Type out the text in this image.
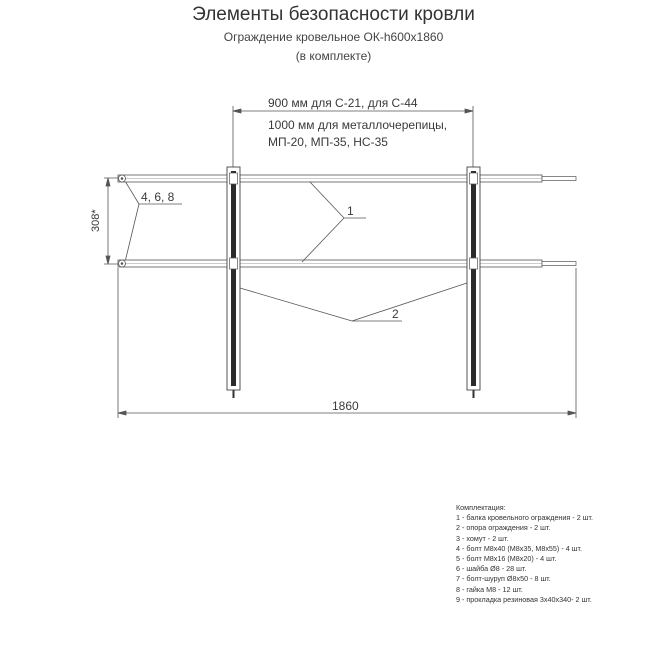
Элементы безопасности кровли
Ограждение кровельное ОК-h600x1860
(в комплекте)
900 мм для С-21, для С-44
1000 мм для металлочерепицы,
МП-20, МП-35, НС-35
308*
4, 6, 8
1
2
1860
Комплектация:
1 - балка кровельного ограждения - 2 шт.
2 - опора ограждения - 2 шт.
3 - хомут - 2 шт.
4 - болт М8х40 (М8х35, М8х55) - 4 шт.
5 - болт М8х16 (М8х20) - 4 шт.
6 - шайба Ø8 - 28 шт.
7 - болт-шуруп Ø8х50 - 8 шт.
8 - гайка М8 - 12 шт.
9 - прокладка резиновая 3х40х340- 2 шт.
